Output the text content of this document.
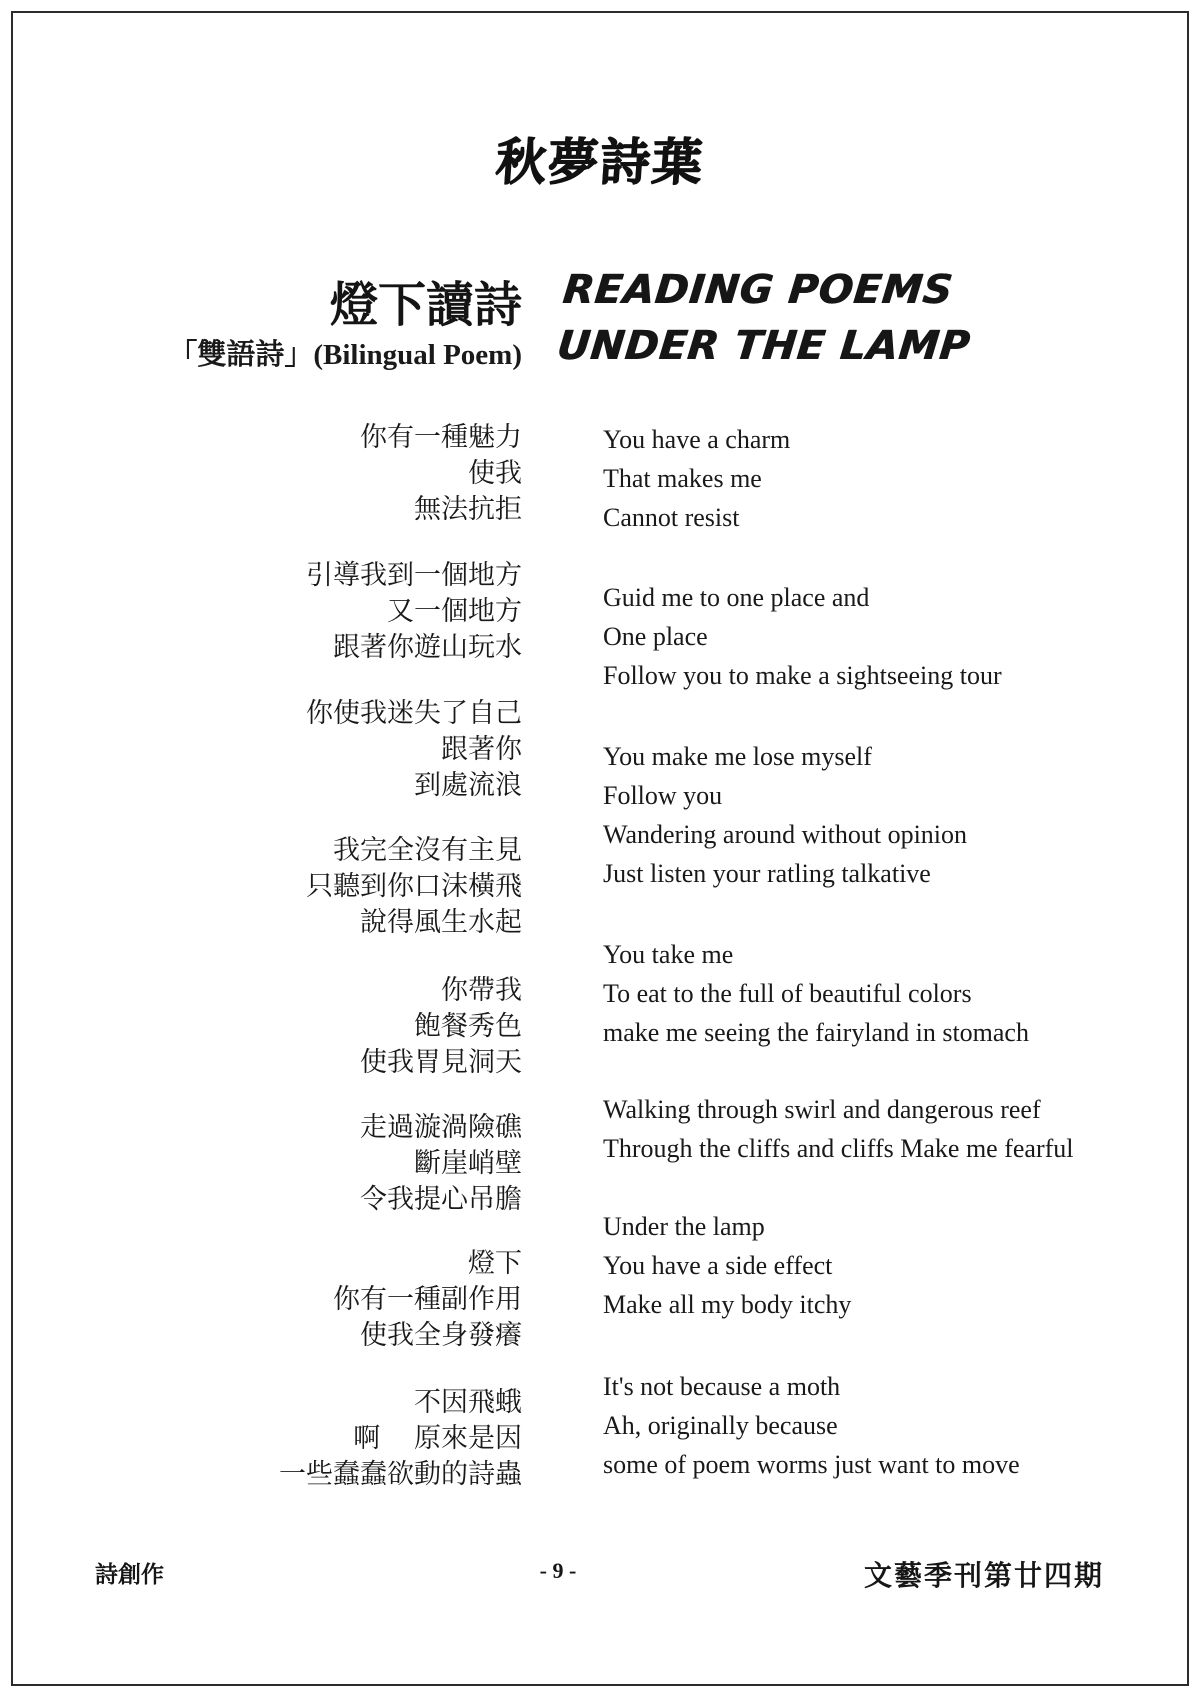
秋夢詩葉
燈下讀詩
「雙語詩」(Bilingual Poem)
READING POEMS
UNDER THE LAMP
你有一種魅力
使我
無法抗拒
引導我到一個地方
又一個地方
跟著你遊山玩水
你使我迷失了自己
跟著你
到處流浪
我完全沒有主見
只聽到你口沫橫飛
說得風生水起
你帶我
飽餐秀色
使我胃見洞天
走過漩渦險礁
斷崖峭壁
令我提心吊膽
燈下
你有一種副作用
使我全身發癢
不因飛蛾
啊　 原來是因
一些蠢蠢欲動的詩蟲
You have a charm
That makes me
Cannot resist
Guid me to one place and
One place
Follow you to make a sightseeing tour
You make me lose myself
Follow you
Wandering around without opinion
Just listen your ratling talkative
You take me
To eat to the full of beautiful colors
make me seeing the fairyland in stomach
Walking through swirl and dangerous reef
Through the cliffs and cliffs Make me fearful
Under the lamp
You have a side effect
Make all my body itchy
It's not because a moth
Ah, originally because
some of poem worms just want to move
詩創作	- 9 -	文藝季刊第廿四期
